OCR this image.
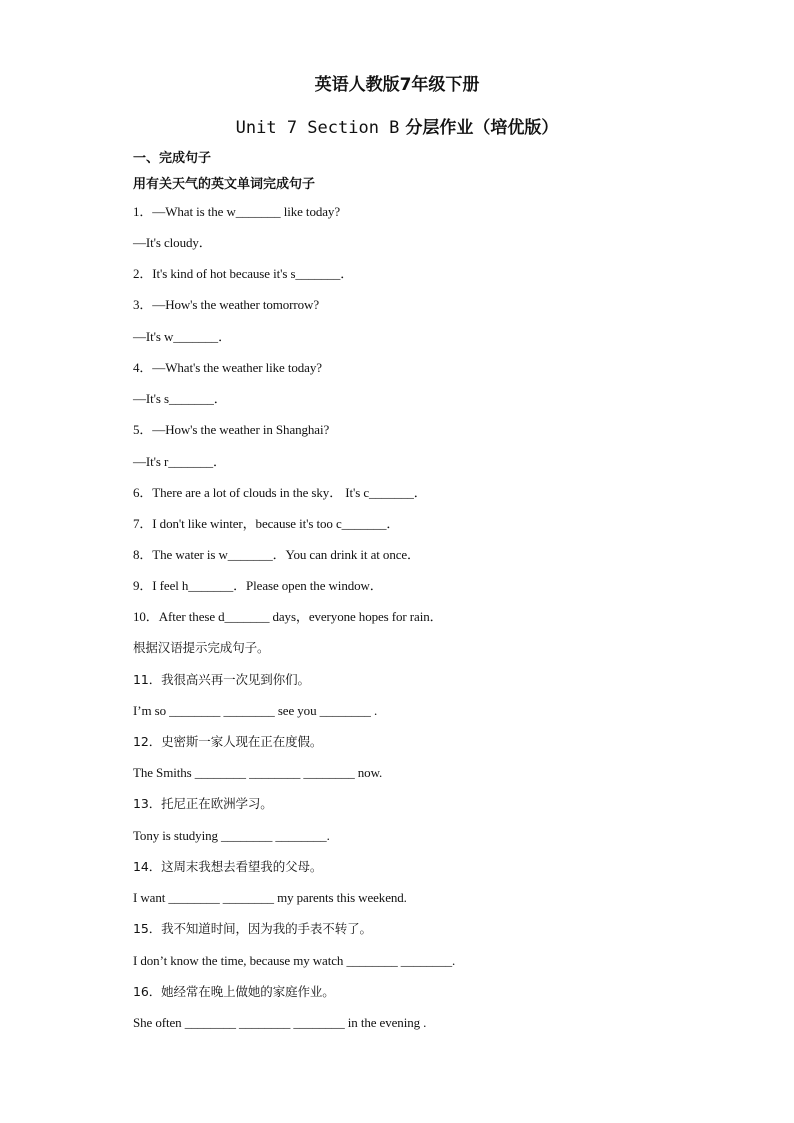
英语人教版7年级下册
Unit 7 Section B 分层作业（培优版）
一、完成句子
用有关天气的英文单词完成句子
1．—What is the w_______ like today?
—It's cloudy．
2．It's kind of hot because it's s_______．
3．—How's the weather tomorrow?
—It's w_______．
4．—What's the weather like today?
—It's s_______．
5．—How's the weather in Shanghai?
—It's r_______．
6．There are a lot of clouds in the sky． It's c_______．
7．I don't like winter，because it's too c_______．
8．The water is w_______．You can drink it at once．
9．I feel h_______．Please open the window．
10．After these d_______ days，everyone hopes for rain．
根据汉语提示完成句子。
11．我很高兴再一次见到你们。
I’m so ________ ________ see you ________ .
12．史密斯一家人现在正在度假。
The Smiths ________ ________ ________ now.
13．托尼正在欧洲学习。
Tony is studying ________ ________.
14．这周末我想去看望我的父母。
I want ________ ________ my parents this weekend.
15．我不知道时间，因为我的手表不转了。
I don’t know the time, because my watch ________ ________.
16．她经常在晚上做她的家庭作业。
She often ________ ________ ________ in the evening .
